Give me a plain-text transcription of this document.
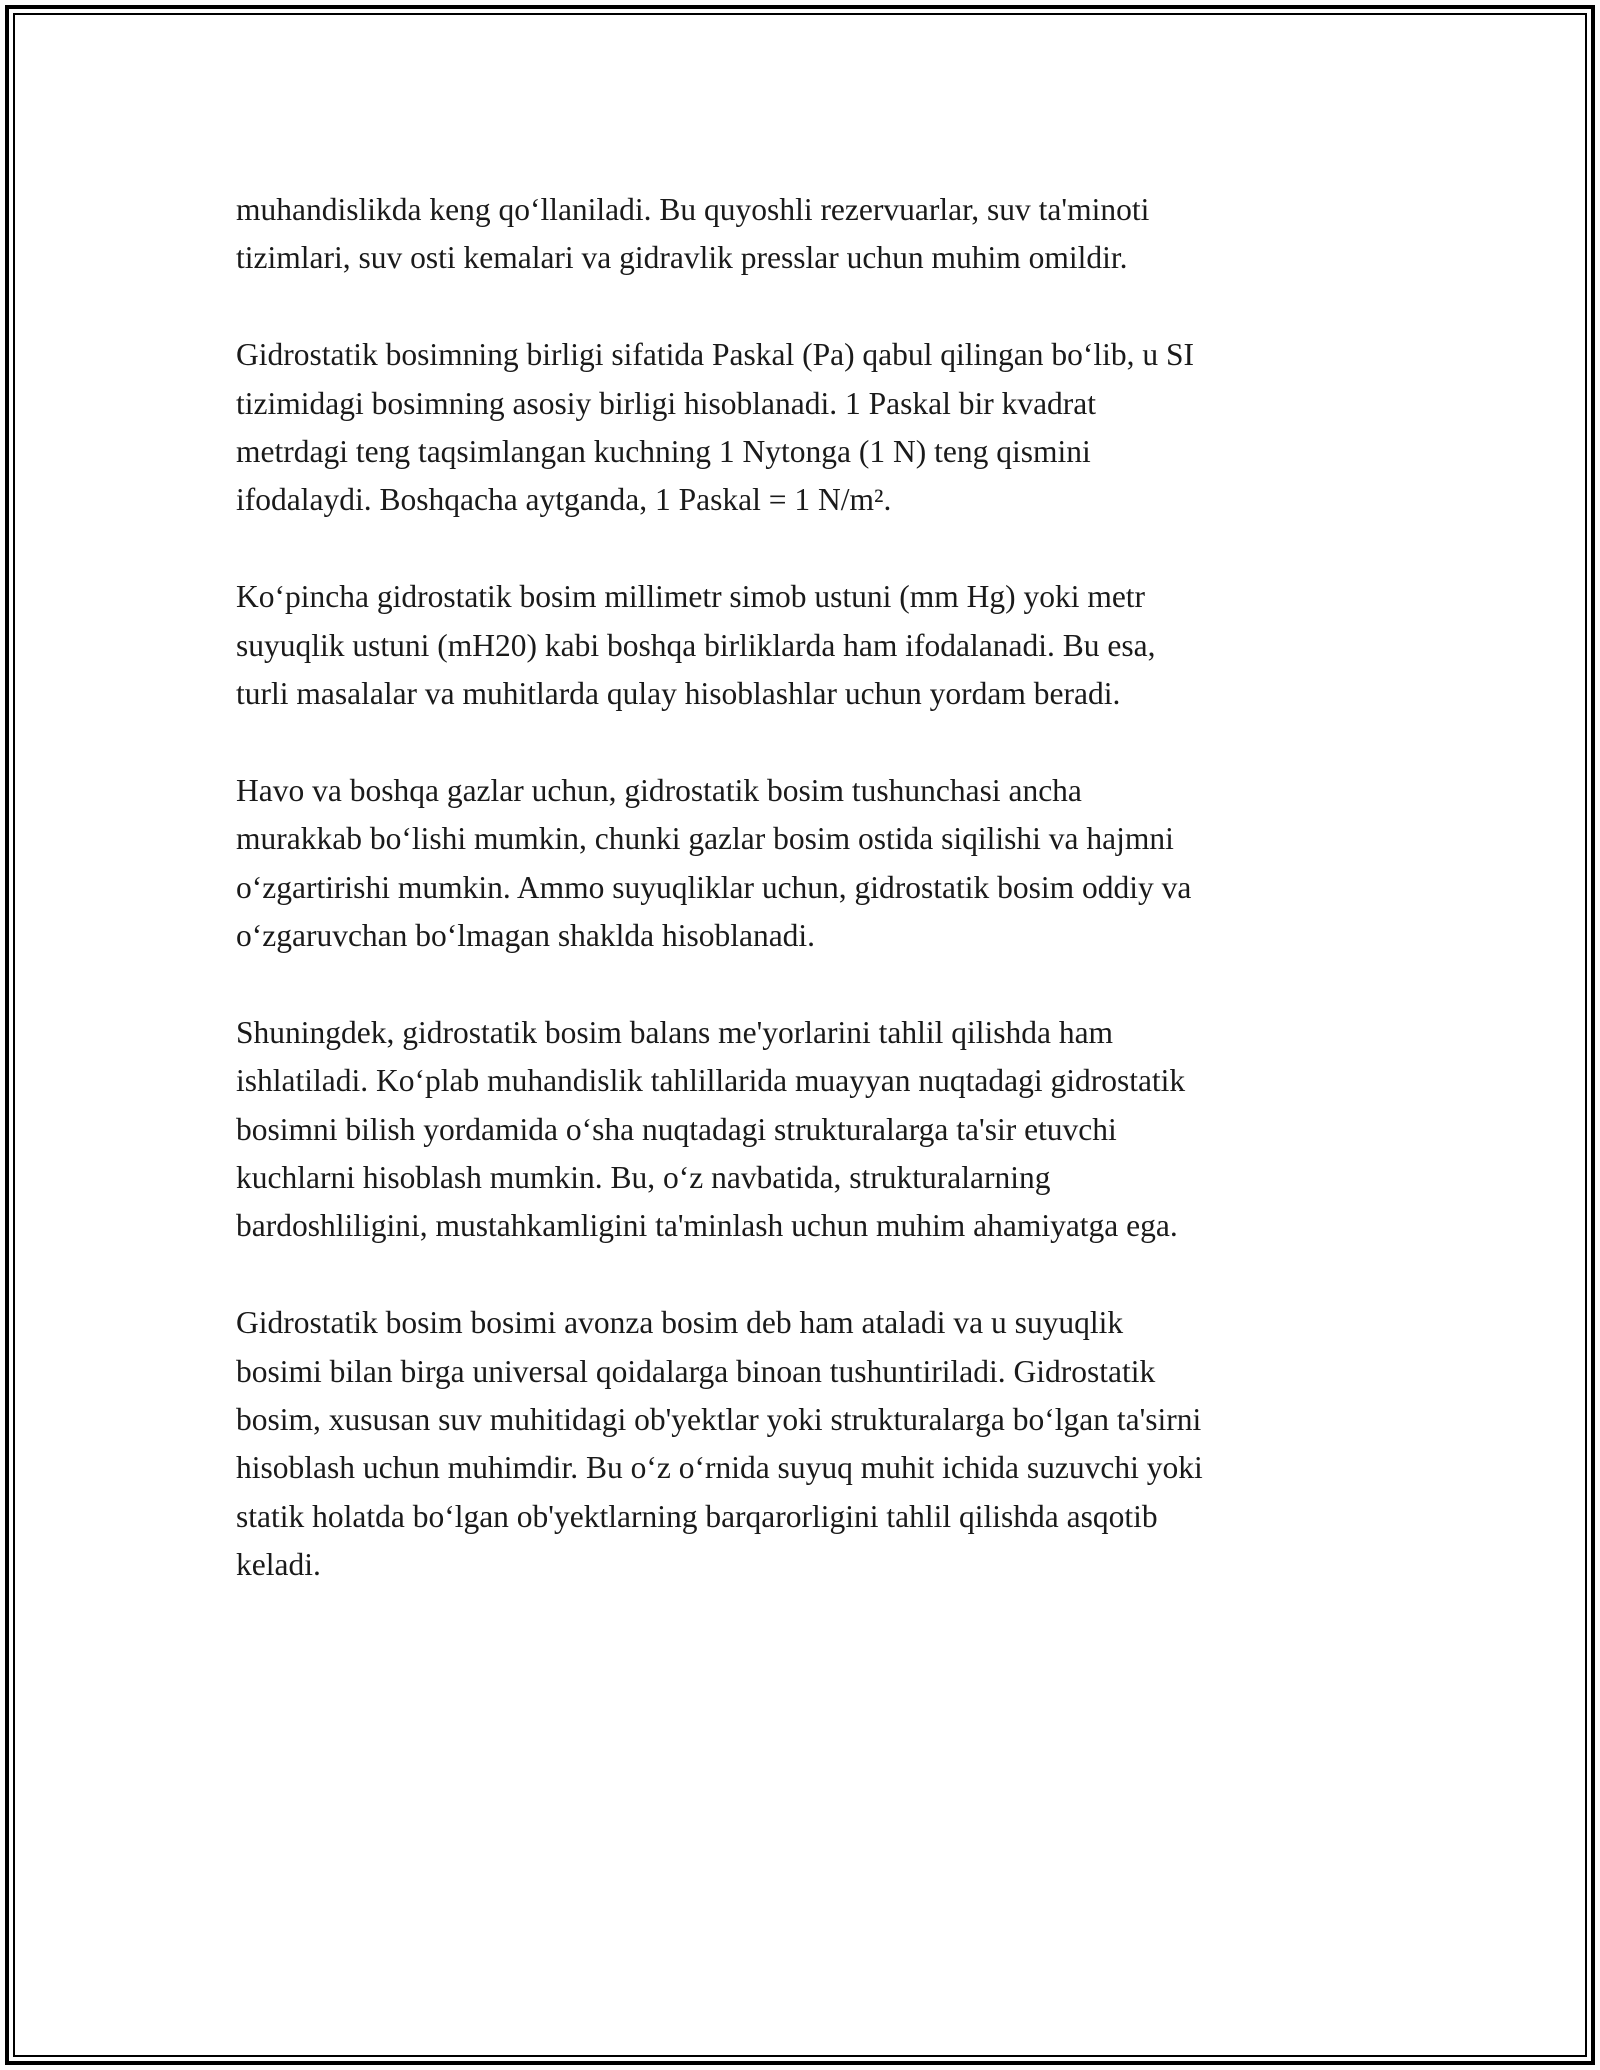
muhandislikda keng qo‘llaniladi. Bu quyoshli rezervuarlar, suv ta'minoti
tizimlari, suv osti kemalari va gidravlik presslar uchun muhim omildir.

Gidrostatik bosimning birligi sifatida Paskal (Pa) qabul qilingan bo‘lib, u SI
tizimidagi bosimning asosiy birligi hisoblanadi. 1 Paskal bir kvadrat
metrdagi teng taqsimlangan kuchning 1 Nytonga (1 N) teng qismini
ifodalaydi. Boshqacha aytganda, 1 Paskal = 1 N/m².

Ko‘pincha gidrostatik bosim millimetr simob ustuni (mm Hg) yoki metr
suyuqlik ustuni (mH20) kabi boshqa birliklarda ham ifodalanadi. Bu esa,
turli masalalar va muhitlarda qulay hisoblashlar uchun yordam beradi.

Havo va boshqa gazlar uchun, gidrostatik bosim tushunchasi ancha
murakkab bo‘lishi mumkin, chunki gazlar bosim ostida siqilishi va hajmni
o‘zgartirishi mumkin. Ammo suyuqliklar uchun, gidrostatik bosim oddiy va
o‘zgaruvchan bo‘lmagan shaklda hisoblanadi.

Shuningdek, gidrostatik bosim balans me'yorlarini tahlil qilishda ham
ishlatiladi. Ko‘plab muhandislik tahlillarida muayyan nuqtadagi gidrostatik
bosimni bilish yordamida o‘sha nuqtadagi strukturalarga ta'sir etuvchi
kuchlarni hisoblash mumkin. Bu, o‘z navbatida, strukturalarning
bardoshliligini, mustahkamligini ta'minlash uchun muhim ahamiyatga ega.

Gidrostatik bosim bosimi avonza bosim deb ham ataladi va u suyuqlik
bosimi bilan birga universal qoidalarga binoan tushuntiriladi. Gidrostatik
bosim, xususan suv muhitidagi ob'yektlar yoki strukturalarga bo‘lgan ta'sirni
hisoblash uchun muhimdir. Bu o‘z o‘rnida suyuq muhit ichida suzuvchi yoki
statik holatda bo‘lgan ob'yektlarning barqarorligini tahlil qilishda asqotib
keladi.
